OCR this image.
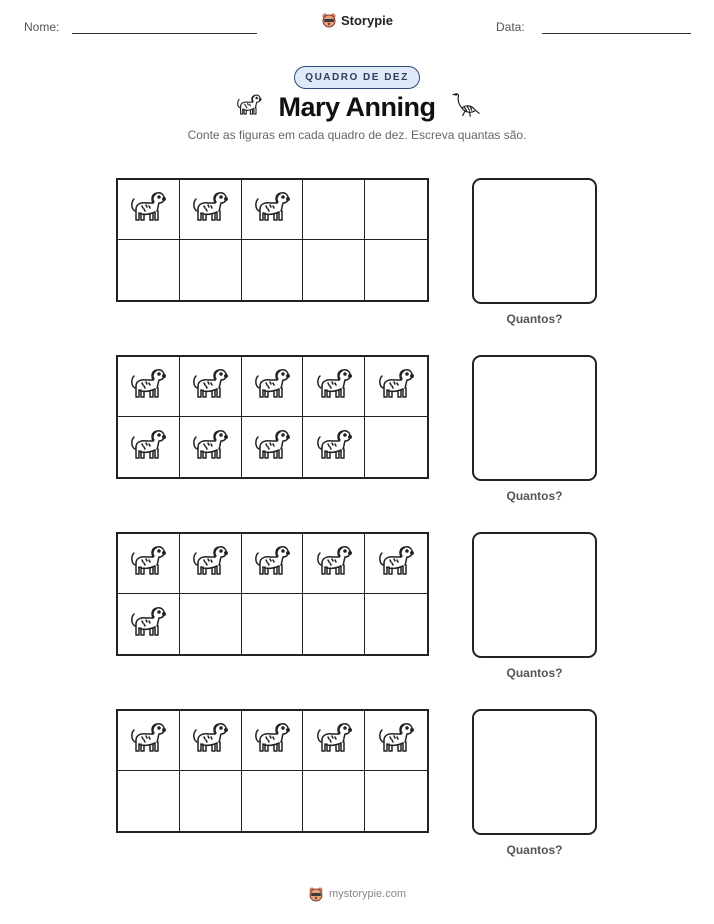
Nome:	Data:
Storypie
QUADRO DE DEZ
Mary Anning
Conte as figuras em cada quadro de dez. Escreva quantas são.
Quantos?
Quantos?
Quantos?
Quantos?
mystorypie.com
